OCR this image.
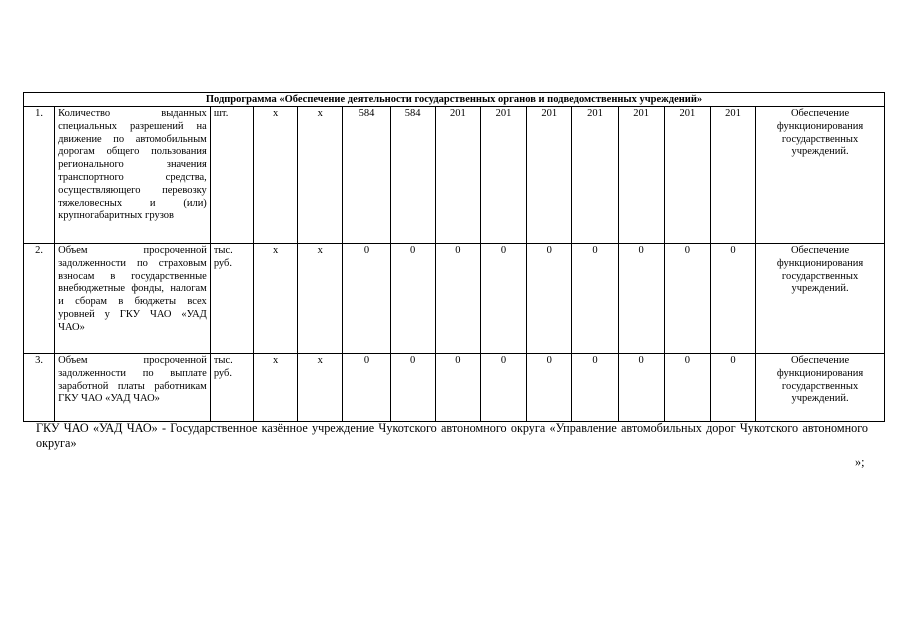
Подпрограмма «Обеспечение деятельности государственных органов и подведомственных учреждений»														
1.	Количество выданных специальных разрешений на движение по автомобильным дорогам общего пользования регионального значения транспортного средства, осуществляющего перевозку тяжеловесных и (или) крупногабаритных грузов	шт.	х	х	584	584	201	201	201	201	201	201	201	Обеспечение функционирования государственных учреждений.
2.	Объем просроченной задолженности по страховым взносам в государственные внебюджетные фонды, налогам и сборам в бюджеты всех уровней у ГКУ ЧАО «УАД ЧАО»	тыс. руб.	х	х	0	0	0	0	0	0	0	0	0	Обеспечение функционирования государственных учреждений.
3.	Объем просроченной задолженности по выплате заработной платы работникам ГКУ ЧАО «УАД ЧАО»	тыс. руб.	х	х	0	0	0	0	0	0	0	0	0	Обеспечение функционирования государственных учреждений.
ГКУ ЧАО «УАД ЧАО» - Государственное казённое учреждение Чукотского автономного округа «Управление автомобильных дорог Чукотского автономного округа»
»;
